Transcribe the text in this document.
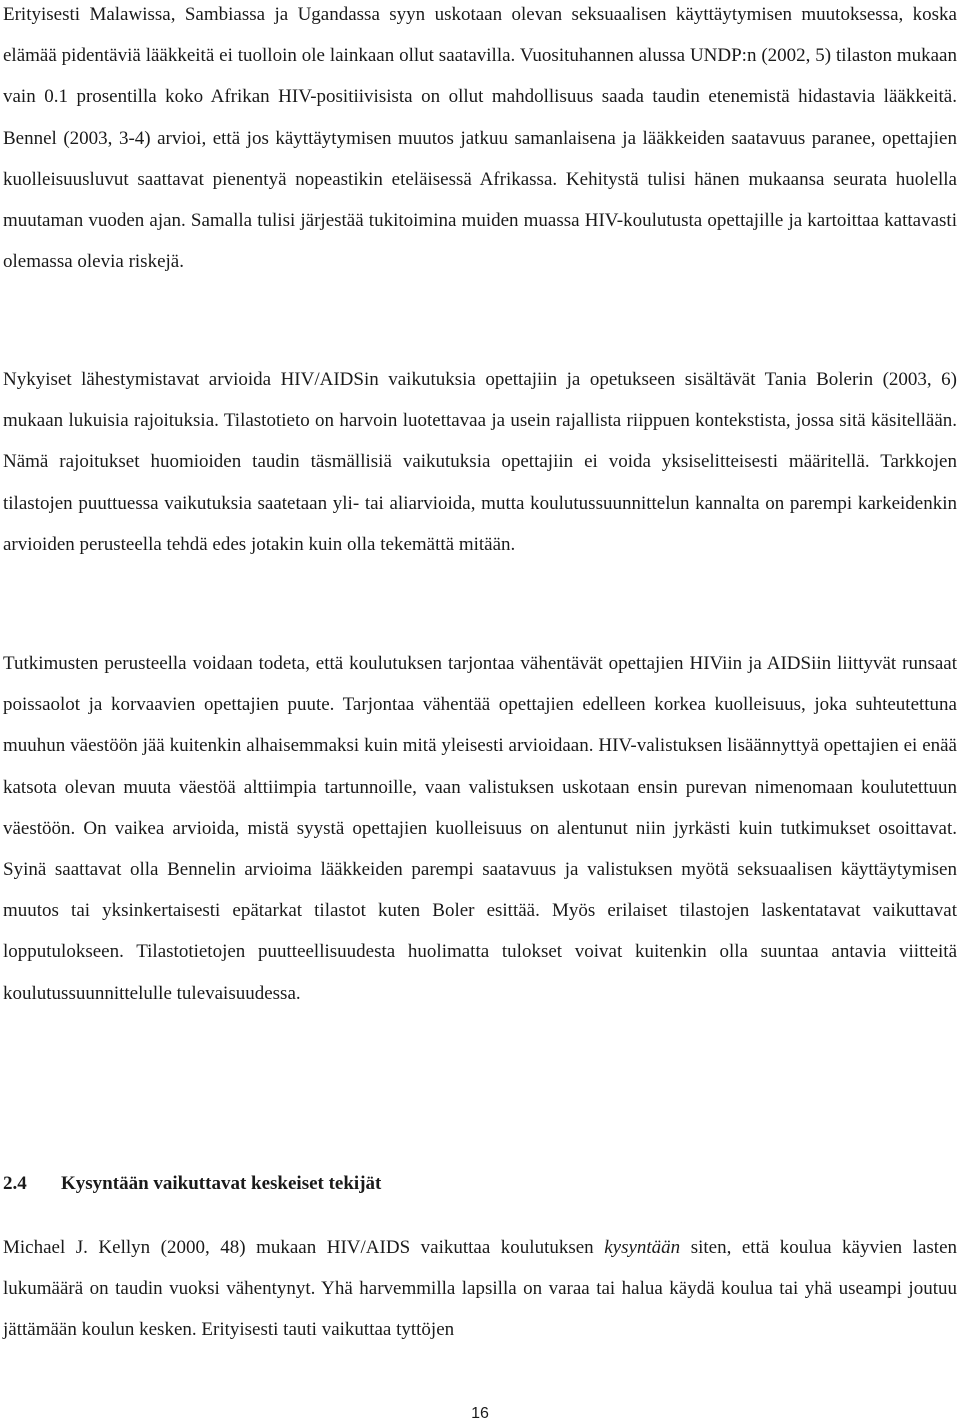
Erityisesti Malawissa, Sambiassa ja Ugandassa syyn uskotaan olevan seksuaalisen käyttäytymisen muutoksessa, koska elämää pidentäviä lääkkeitä ei tuolloin ole lainkaan ollut saatavilla. Vuosituhannen alussa UNDP:n (2002, 5) tilaston mukaan vain 0.1 prosentilla koko Afrikan HIV-positiivisista on ollut mahdollisuus saada taudin etenemistä hidastavia lääkkeitä. Bennel (2003, 3-4) arvioi, että jos käyttäytymisen muutos jatkuu samanlaisena ja lääkkeiden saatavuus paranee, opettajien kuolleisuusluvut saattavat pienentyä nopeastikin eteläisessä Afrikassa. Kehitystä tulisi hänen mukaansa seurata huolella muutaman vuoden ajan. Samalla tulisi järjestää tukitoimina muiden muassa HIV-koulutusta opettajille ja kartoittaa kattavasti olemassa olevia riskejä.

Nykyiset lähestymistavat arvioida HIV/AIDSin vaikutuksia opettajiin ja opetukseen sisältävät Tania Bolerin (2003, 6) mukaan lukuisia rajoituksia. Tilastotieto on harvoin luotettavaa ja usein rajallista riippuen kontekstista, jossa sitä käsitellään. Nämä rajoitukset huomioiden taudin täsmällisiä vaikutuksia opettajiin ei voida yksiselitteisesti määritellä. Tarkkojen tilastojen puuttuessa vaikutuksia saatetaan yli- tai aliarvioida, mutta koulutussuunnittelun kannalta on parempi karkeidenkin arvioiden perusteella tehdä edes jotakin kuin olla tekemättä mitään.

Tutkimusten perusteella voidaan todeta, että koulutuksen tarjontaa vähentävät opettajien HIViin ja AIDSiin liittyvät runsaat poissaolot ja korvaavien opettajien puute. Tarjontaa vähentää opettajien edelleen korkea kuolleisuus, joka suhteutettuna muuhun väestöön jää kuitenkin alhaisemmaksi kuin mitä yleisesti arvioidaan. HIV-valistuksen lisäännyttyä opettajien ei enää katsota olevan muuta väestöä alttiimpia tartunnoille, vaan valistuksen uskotaan ensin purevan nimenomaan koulutettuun väestöön. On vaikea arvioida, mistä syystä opettajien kuolleisuus on alentunut niin jyrkästi kuin tutkimukset osoittavat. Syinä saattavat olla Bennelin arvioima lääkkeiden parempi saatavuus ja valistuksen myötä seksuaalisen käyttäytymisen muutos tai yksinkertaisesti epätarkat tilastot kuten Boler esittää. Myös erilaiset tilastojen laskentatavat vaikuttavat lopputulokseen. Tilastotietojen puutteellisuudesta huolimatta tulokset voivat kuitenkin olla suuntaa antavia viitteitä koulutussuunnittelulle tulevaisuudessa.

2.4 Kysyntään vaikuttavat keskeiset tekijät

Michael J. Kellyn (2000, 48) mukaan HIV/AIDS vaikuttaa koulutuksen kysyntään siten, että koulua käyvien lasten lukumäärä on taudin vuoksi vähentynyt. Yhä harvemmilla lapsilla on varaa tai halua käydä koulua tai yhä useampi joutuu jättämään koulun kesken. Erityisesti tauti vaikuttaa tyttöjen

16
